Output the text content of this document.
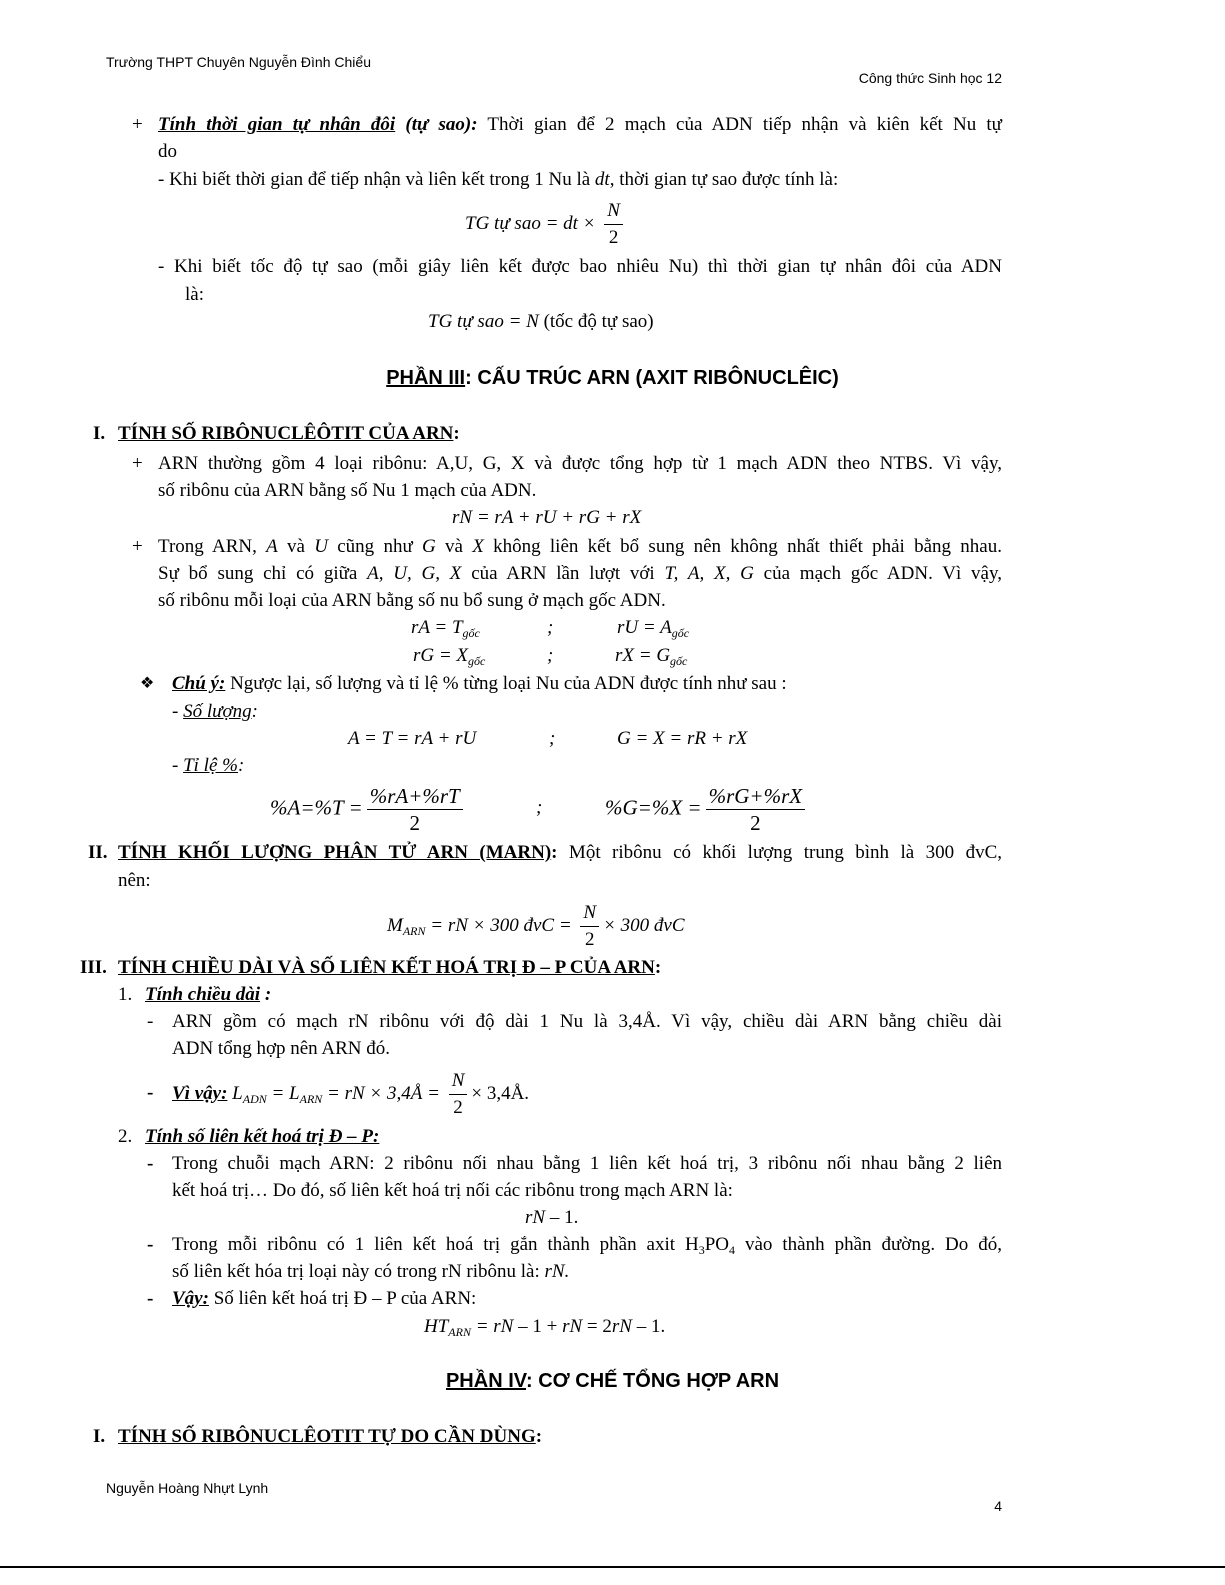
Trường THPT Chuyên Nguyễn Đình Chiểu
Công thức Sinh học 12
+ Tính thời gian tự nhân đôi (tự sao): Thời gian để 2 mạch của ADN tiếp nhận và kiên kết Nu tự
do
- Khi biết thời gian để tiếp nhận và liên kết trong 1 Nu là dt, thời gian tự sao được tính là:
TG tự sao = dt × $\frac{N}{2}$
- Khi biết tốc độ tự sao (mỗi giây liên kết được bao nhiêu Nu) thì thời gian tự nhân đôi của ADN
là:
TG tự sao = N (tốc độ tự sao)
PHẦN III: CẤU TRÚC ARN (AXIT RIBÔNUCLÊIC)
I. TÍNH SỐ RIBÔNUCLÊÔTIT CỦA ARN:
+ ARN thường gồm 4 loại ribônu: A,U, G, X và được tổng hợp từ 1 mạch ADN theo NTBS. Vì vậy,
số ribônu của ARN bằng số Nu 1 mạch của ADN.
rN = rA + rU + rG + rX
+ Trong ARN, A và U cũng như G và X không liên kết bổ sung nên không nhất thiết phải bằng nhau.
Sự bổ sung chỉ có giữa A, U, G, X của ARN lần lượt với T, A, X, G của mạch gốc ADN. Vì vậy,
số ribônu mỗi loại của ARN bằng số nu bổ sung ở mạch gốc ADN.
rA = $T_{gốc}$	;	rU = $A_{gốc}$
rG = $X_{gốc}$	;	rX = $G_{gốc}$
❖ Chú ý: Ngược lại, số lượng và tỉ lệ % từng loại Nu của ADN được tính như sau :
- Số lượng:
A = T = rA + rU	;	G = X = rR + rX
- Tỉ lệ %:
$\%A=\%T = \frac{\%rA+\%rT}{2}$	;	$\%G=\%X = \frac{\%rG+\%rX}{2}$
II. TÍNH KHỐI LƯỢNG PHÂN TỬ ARN (MARN): Một ribônu có khối lượng trung bình là 300 đvC,
nên:
$M_{ARN}$ = rN × 300 đvC = $\frac{N}{2} \times 300$ đvC
III. TÍNH CHIỀU DÀI VÀ SỐ LIÊN KẾT HOÁ TRỊ Đ – P CỦA ARN:
1. Tính chiều dài :
- ARN gồm có mạch rN ribônu với độ dài 1 Nu là 3,4Å. Vì vậy, chiều dài ARN bằng chiều dài
ADN tổng hợp nên ARN đó.
- Vì vậy: $L_{ADN} = L_{ARN}$ = rN × 3,4Å = $\frac{N}{2}$ × 3,4Å.
2. Tính số liên kết hoá trị Đ – P:
- Trong chuỗi mạch ARN: 2 ribônu nối nhau bằng 1 liên kết hoá trị, 3 ribônu nối nhau bằng 2 liên
kết hoá trị… Do đó, số liên kết hoá trị nối các ribônu trong mạch ARN là:
rN – 1.
- Trong mỗi ribônu có 1 liên kết hoá trị gắn thành phần axit $H_3PO_4$ vào thành phần đường. Do đó,
số liên kết hóa trị loại này có trong rN ribônu là: rN.
- Vậy: Số liên kết hoá trị Đ – P của ARN:
$HT_{ARN}$ = rN – 1 + rN = 2rN – 1.
PHẦN IV: CƠ CHẾ TỔNG HỢP ARN
I. TÍNH SỐ RIBÔNUCLÊOTIT TỰ DO CẦN DÙNG:
Nguyễn Hoàng Nhựt Lynh
4
